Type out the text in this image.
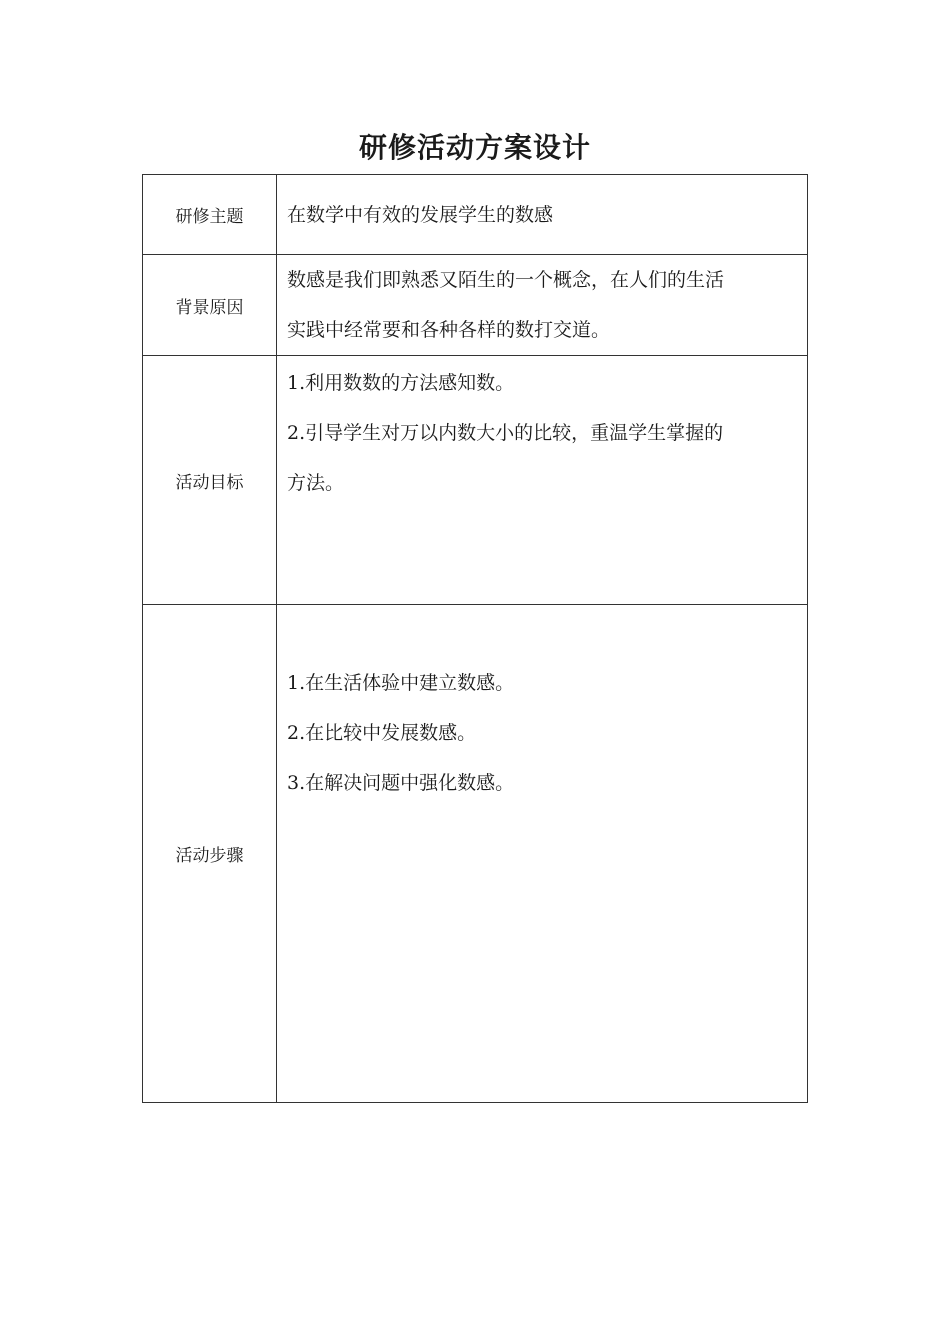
研修活动方案设计
研修主题	在数学中有效的发展学生的数感
背景原因	数感是我们即熟悉又陌生的一个概念，在人们的生活
实践中经常要和各种各样的数打交道。

活动目标	1.利用数数的方法感知数。
2.引导学生对万以内数大小的比较，重温学生掌握的
方法。

活动步骤	1.在生活体验中建立数感。
2.在比较中发展数感。
3.在解决问题中强化数感。
